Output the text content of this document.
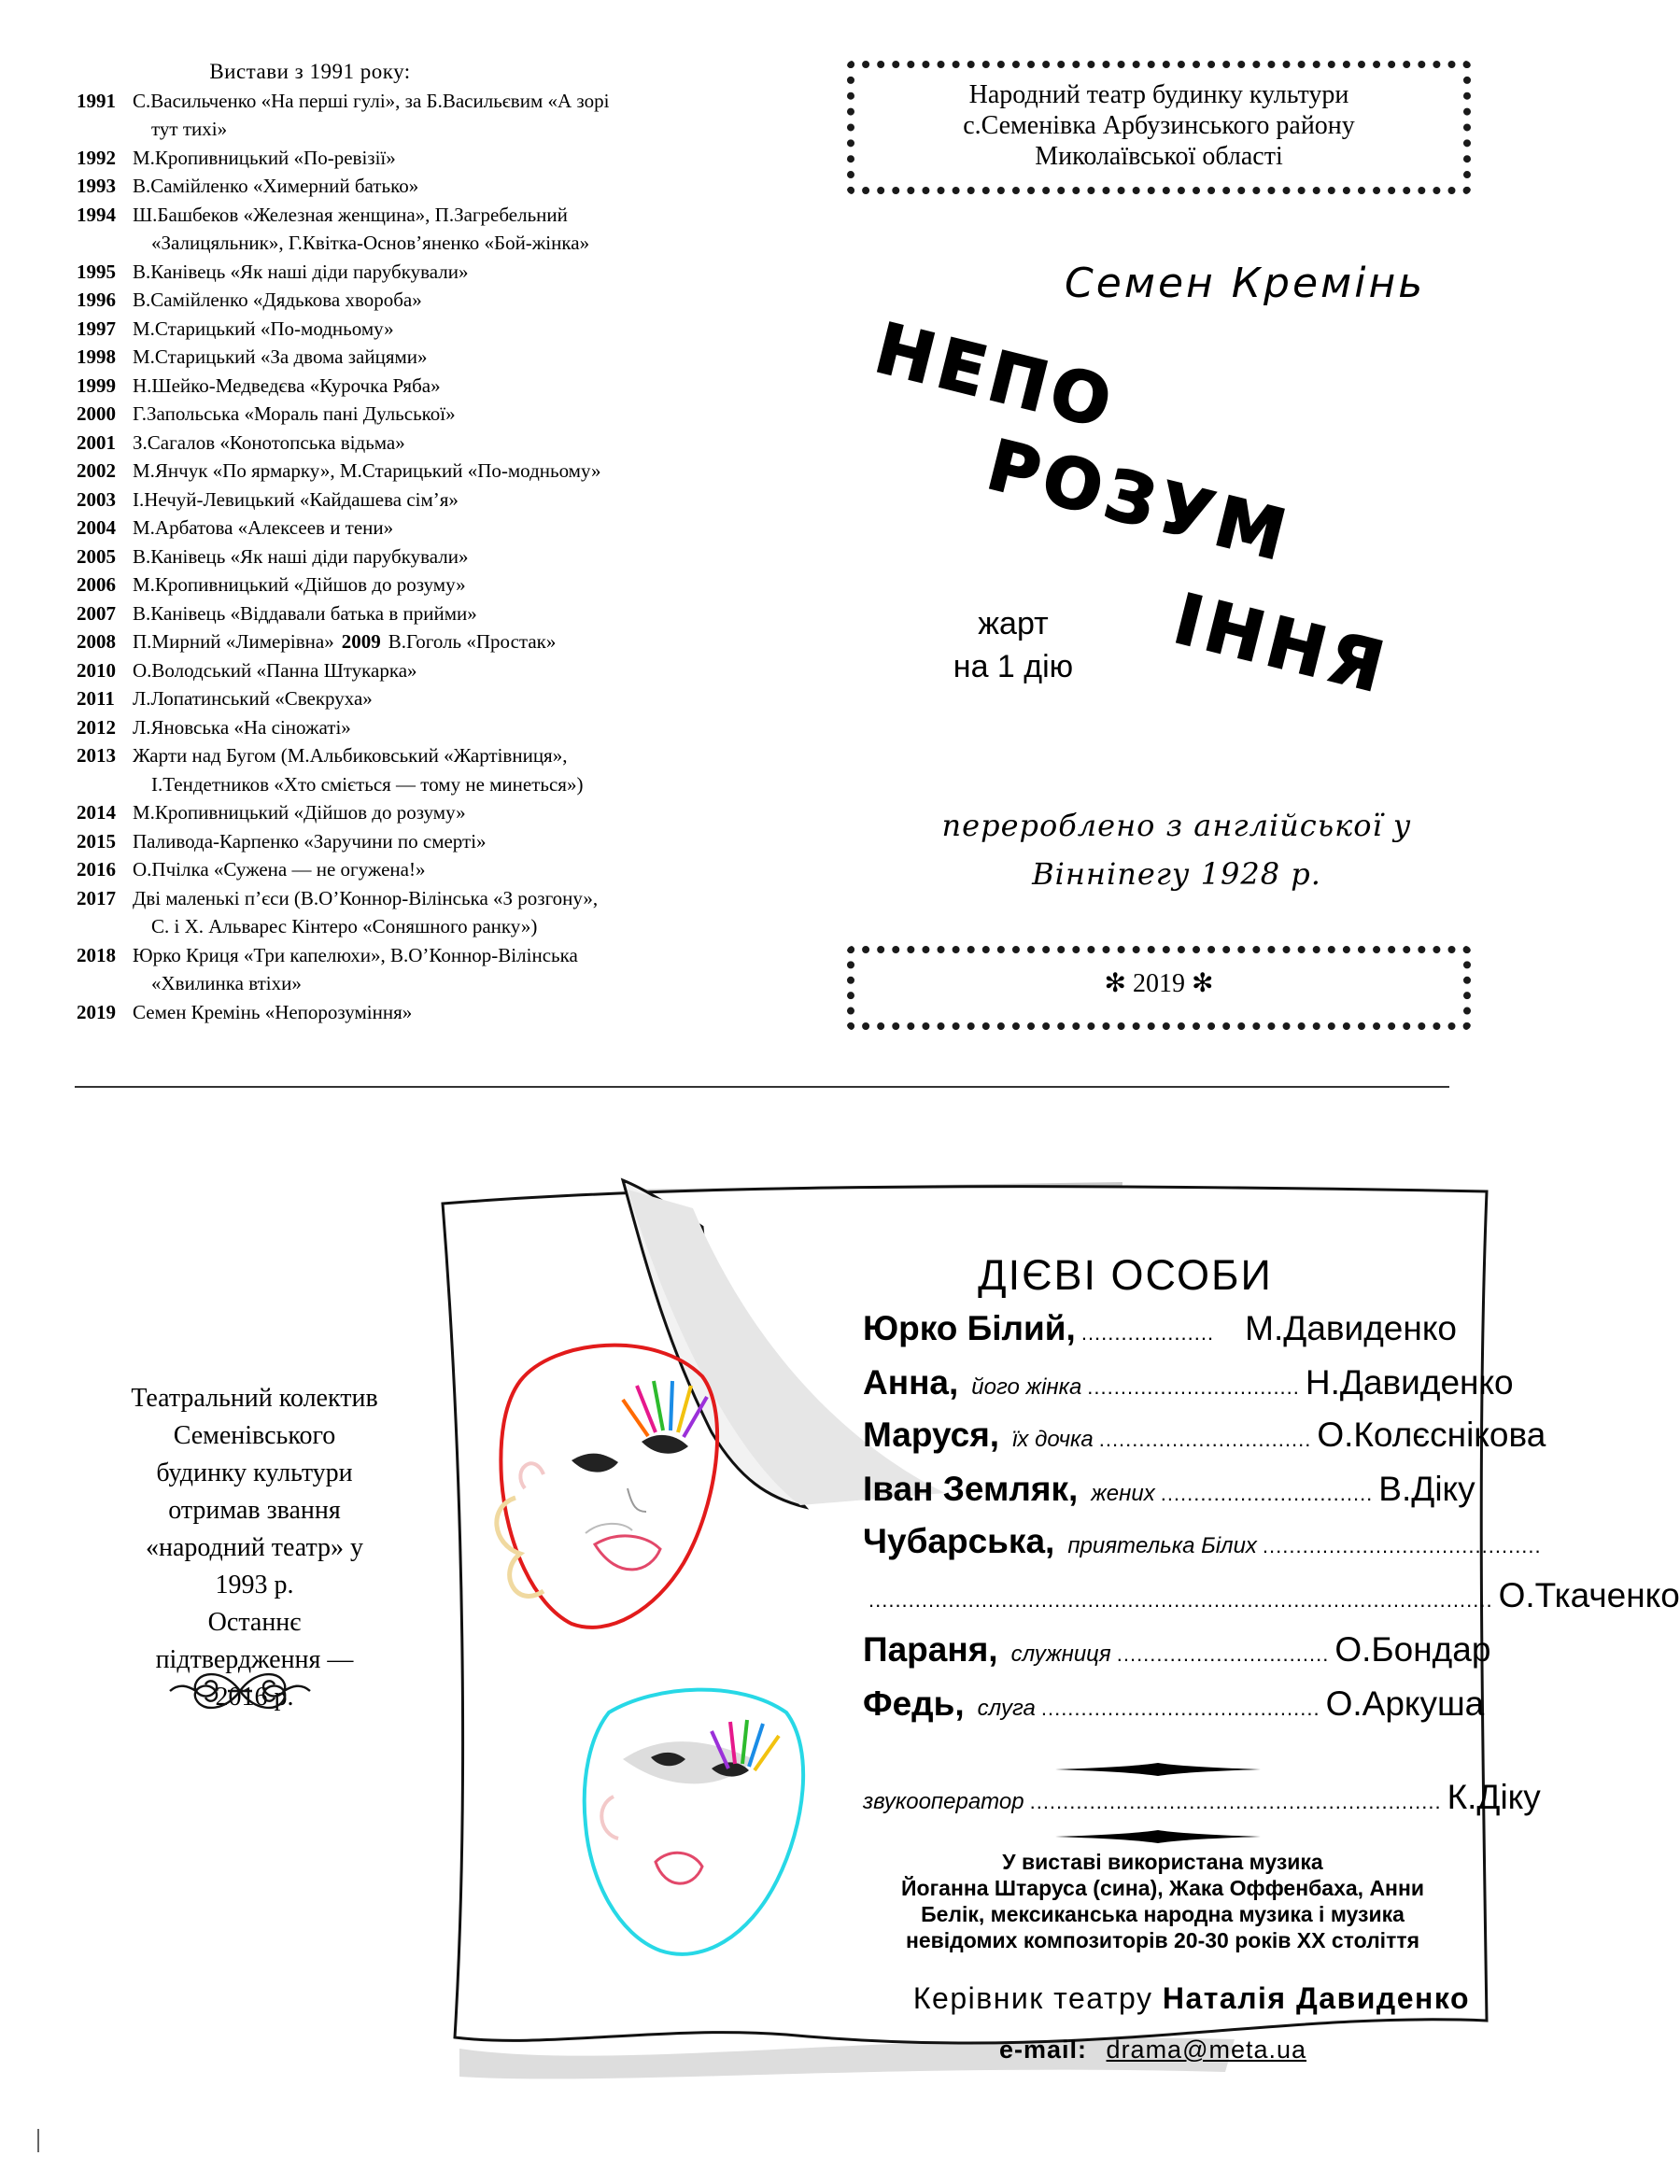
Вистави з 1991 року:
1991 С.Васильченко «На перші гулі», за Б.Васильєвим «А зорі
тут тихі»
1992 М.Кропивницький «По-ревізії»
1993 В.Самійленко «Химерний батько»
1994 Ш.Башбеков «Железная женщина», П.Загребельний
«Залицяльник», Г.Квітка-Основ’яненко «Бой-жінка»
1995 В.Канівець «Як наші діди парубкували»
1996 В.Самійленко «Дядькова хвороба»
1997 М.Старицький «По-модньому»
1998 М.Старицький «За двома зайцями»
1999 Н.Шейко-Медведєва «Курочка Ряба»
2000 Г.Запольська «Мораль пані Дульської»
2001 З.Сагалов «Конотопська відьма»
2002 М.Янчук «По ярмарку», М.Старицький «По-модньому»
2003 І.Нечуй-Левицький «Кайдашева сім’я»
2004 М.Арбатова «Алексеев и тени»
2005 В.Канівець «Як наші діди парубкували»
2006 М.Кропивницький «Дійшов до розуму»
2007 В.Канівець «Віддавали батька в прийми»
2008 П.Мирний «Лимерівна» 2009 В.Гоголь «Простак»
2010 О.Володський «Панна Штукарка»
2011 Л.Лопатинський «Свекруха»
2012 Л.Яновська «На сіножаті»
2013 Жарти над Бугом (М.Альбиковський «Жартівниця»,
І.Тендетников «Хто сміється — тому не минеться»)
2014 М.Кропивницький «Дійшов до розуму»
2015 Паливода-Карпенко «Заручини по смерті»
2016 О.Пчілка «Сужена — не огужена!»
2017 Дві маленькі п’єси (В.О’Коннор-Вілінська «З розгону»,
С. і Х. Альварес Кінтеро «Соняшного ранку»)
2018 Юрко Криця «Три капелюхи», В.О’Коннор-Вілінська
«Хвилинка втіхи»
2019 Семен Кремінь «Непорозуміння»
Народний театр будинку культури
с.Семенівка Арбузинського району
Миколаївської області
Семен Кремінь
НЕПО
РОЗУМ
ІННЯ
жарт
на 1 дію
перероблено з англійської у
Вінніпегу 1928 р.
✻ 2019 ✻
Театральний колектив
Семенівського
будинку культури
отримав звання
«народний театр» у
1993 р.
Останнє
підтвердження —
2016 р.
ДІЄВІ ОСОБИ
Юрко Білий, .................... М.Давиденко
Анна, його жінка ................................ Н.Давиденко
Маруся, їх дочка ................................ О.Колєснікова
Іван Земляк, жених ................................ В.Діку
Чубарська, приятелька Білих ..........................................
.............................................................................................. О.Ткаченко
Параня, служниця ................................ О.Бондар
Федь, слуга .......................................... О.Аркуша
звукооператор .............................................................. К.Діку
У виставі використана музика
Йоганна Штаруса (сина), Жака Оффенбаха, Анни
Белік, мексиканська народна музика і музика
невідомих композиторів 20-30 років ХХ століття
Керівник театру Наталія Давиденко
e-mail: drama@meta.ua
